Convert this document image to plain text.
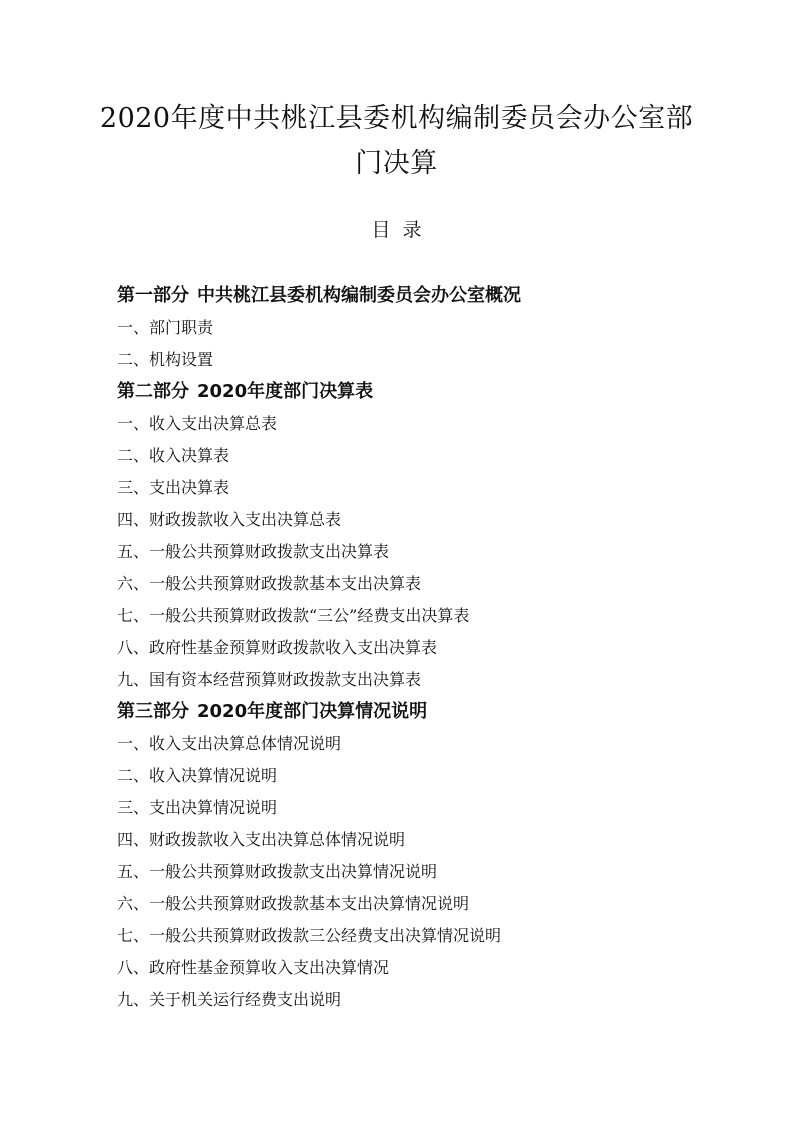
2020年度中共桃江县委机构编制委员会办公室部
门决算
目 录
第一部分 中共桃江县委机构编制委员会办公室概况
一、部门职责
二、机构设置
第二部分 2020年度部门决算表
一、收入支出决算总表
二、收入决算表
三、支出决算表
四、财政拨款收入支出决算总表
五、一般公共预算财政拨款支出决算表
六、一般公共预算财政拨款基本支出决算表
七、一般公共预算财政拨款“三公”经费支出决算表
八、政府性基金预算财政拨款收入支出决算表
九、国有资本经营预算财政拨款支出决算表
第三部分 2020年度部门决算情况说明
一、收入支出决算总体情况说明
二、收入决算情况说明
三、支出决算情况说明
四、财政拨款收入支出决算总体情况说明
五、一般公共预算财政拨款支出决算情况说明
六、一般公共预算财政拨款基本支出决算情况说明
七、一般公共预算财政拨款三公经费支出决算情况说明
八、政府性基金预算收入支出决算情况
九、关于机关运行经费支出说明
